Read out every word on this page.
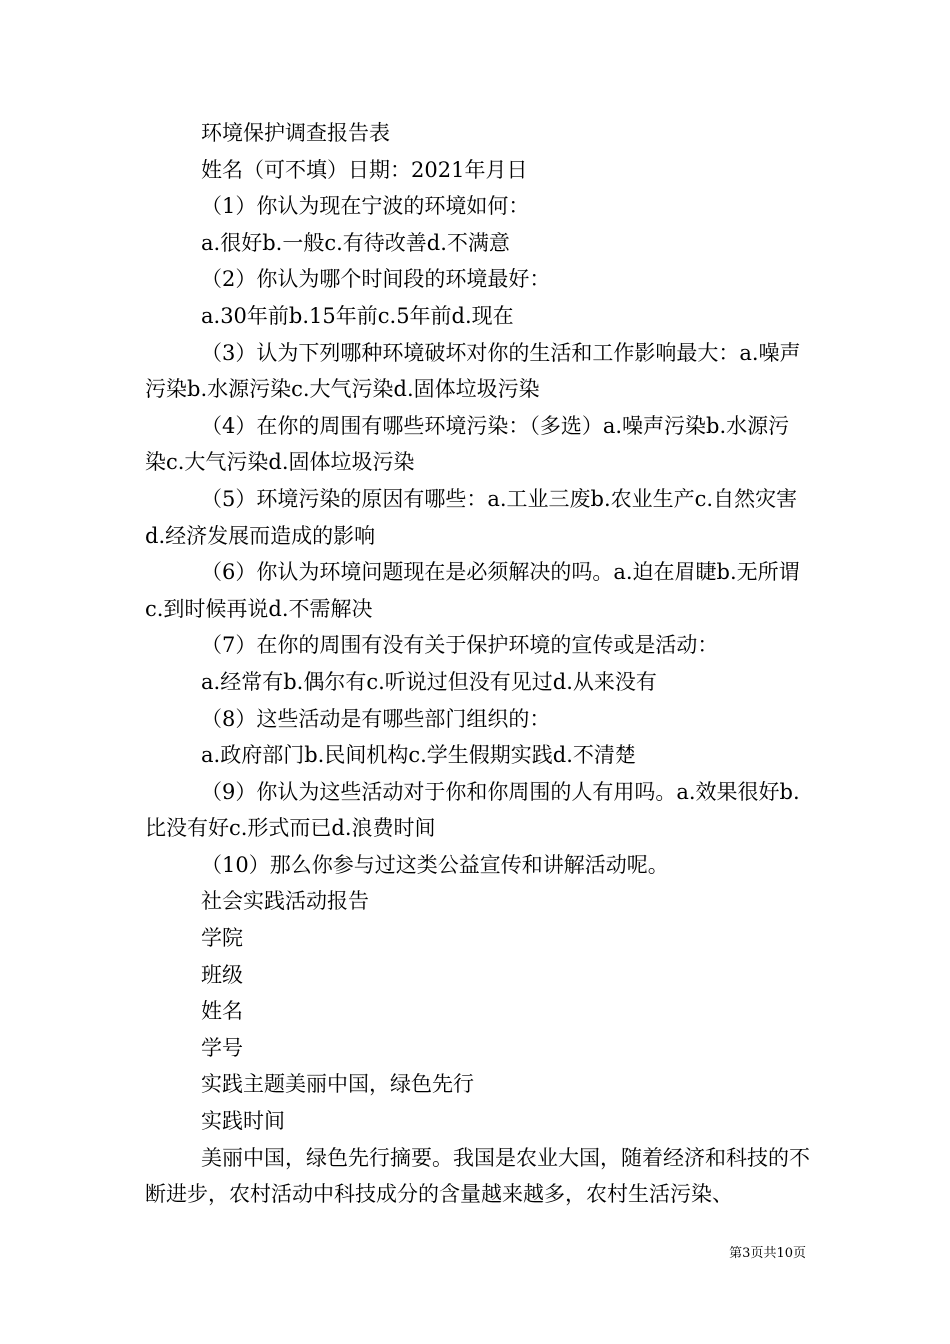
环境保护调查报告表
姓名（可不填）日期：2021年月日
（1）你认为现在宁波的环境如何：
a.很好b.一般c.有待改善d.不满意
（2）你认为哪个时间段的环境最好：
a.30年前b.15年前c.5年前d.现在
（3）认为下列哪种环境破坏对你的生活和工作影响最大：a.噪声污染b.水源污染c.大气污染d.固体垃圾污染
（4）在你的周围有哪些环境污染：（多选）a.噪声污染b.水源污染c.大气污染d.固体垃圾污染
（5）环境污染的原因有哪些：a.工业三废b.农业生产c.自然灾害d.经济发展而造成的影响
（6）你认为环境问题现在是必须解决的吗。a.迫在眉睫b.无所谓c.到时候再说d.不需解决
（7）在你的周围有没有关于保护环境的宣传或是活动：
a.经常有b.偶尔有c.听说过但没有见过d.从来没有
（8）这些活动是有哪些部门组织的：
a.政府部门b.民间机构c.学生假期实践d.不清楚
（9）你认为这些活动对于你和你周围的人有用吗。a.效果很好b.比没有好c.形式而已d.浪费时间
（10）那么你参与过这类公益宣传和讲解活动呢。
社会实践活动报告
学院
班级
姓名
学号
实践主题美丽中国，绿色先行
实践时间
美丽中国，绿色先行摘要。我国是农业大国，随着经济和科技的不断进步，农村活动中科技成分的含量越来越多，农村生活污染、
第3页共10页
